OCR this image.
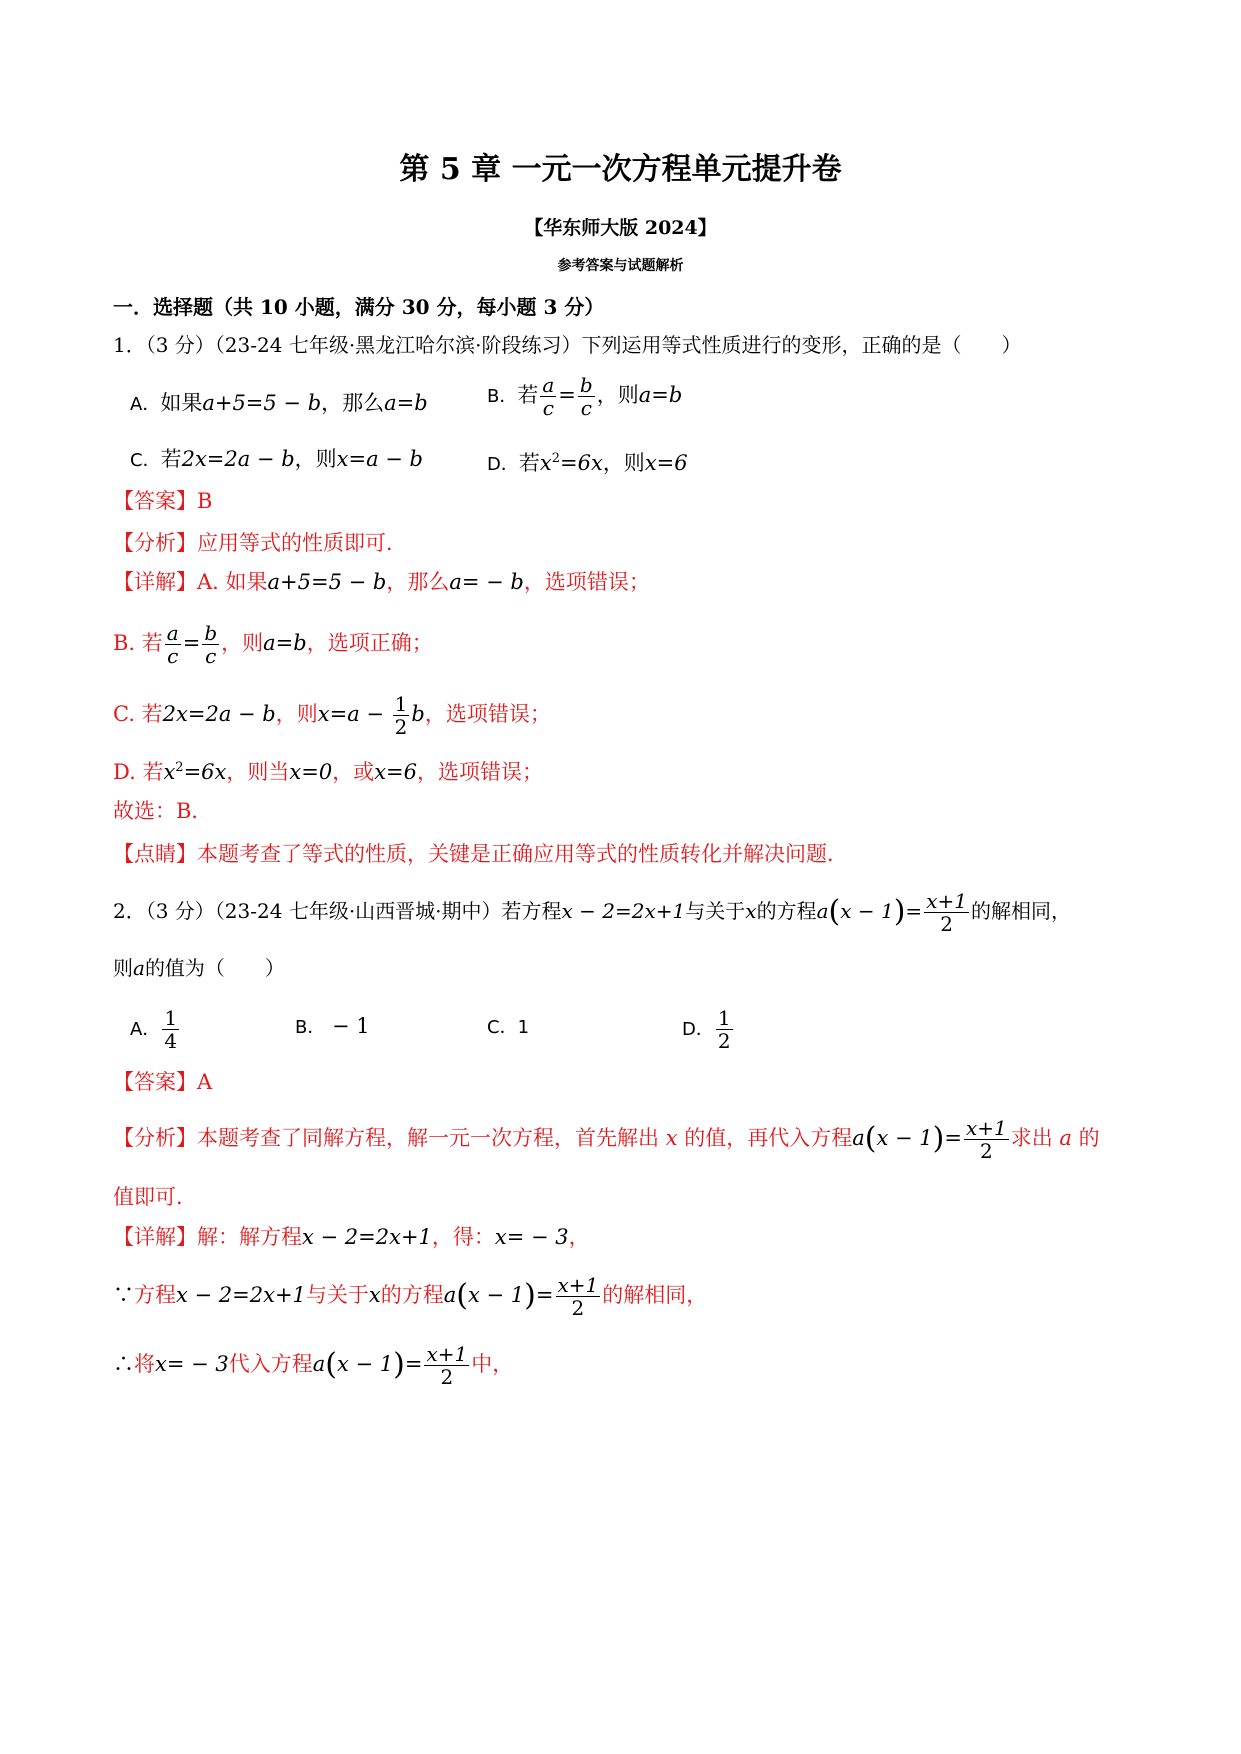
第 5 章 一元一次方程单元提升卷
【华东师大版 2024】
参考答案与试题解析
一．选择题（共 10 小题，满分 30 分，每小题 3 分）
1．（3 分）（23-24 七年级·黑龙江哈尔滨·阶段练习）下列运用等式性质进行的变形，正确的是（　　）
A．如果a+5=5 − b，那么a=b	B．若 $\frac{a}{c} = \frac{b}{c}$ ，则a=b
C．若2x=2a − b，则x=a − b	D．若$x^2=6x$，则x=6
【答案】B
【分析】应用等式的性质即可．
【详解】A. 如果a+5=5 − b，那么a= − b，选项错误；
B. 若 $\frac{a}{c} = \frac{b}{c}$ ，则a=b，选项正确；
C. 若2x=2a − b，则$x=a - \frac{1}{2}$ b，选项错误；
D. 若$x^2=6x$，则当x=0，或x=6，选项错误；
故选：B．
【点睛】本题考查了等式的性质，关键是正确应用等式的性质转化并解决问题．
2．（3 分）（23-24 七年级·山西晋城·期中）若方程x − 2=2x+1与关于x的方程$a(x - 1)= \frac{x+1}{2}$ 的解相同，
则a的值为（　　）
A． $\frac{1}{4}$	B． − 1	C．1	D． $\frac{1}{2}$
【答案】A
【分析】本题考查了同解方程，解一元一次方程，首先解出 x 的值，再代入方程$a(x - 1)= \frac{x+1}{2}$ 求出 a 的
值即可．
【详解】解：解方程x − 2=2x+1，得：x= − 3，
∵方程x − 2=2x+1与关于x的方程$a(x - 1)= \frac{x+1}{2}$ 的解相同，
∴将x= − 3代入方程$a(x - 1)= \frac{x+1}{2}$ 中，
